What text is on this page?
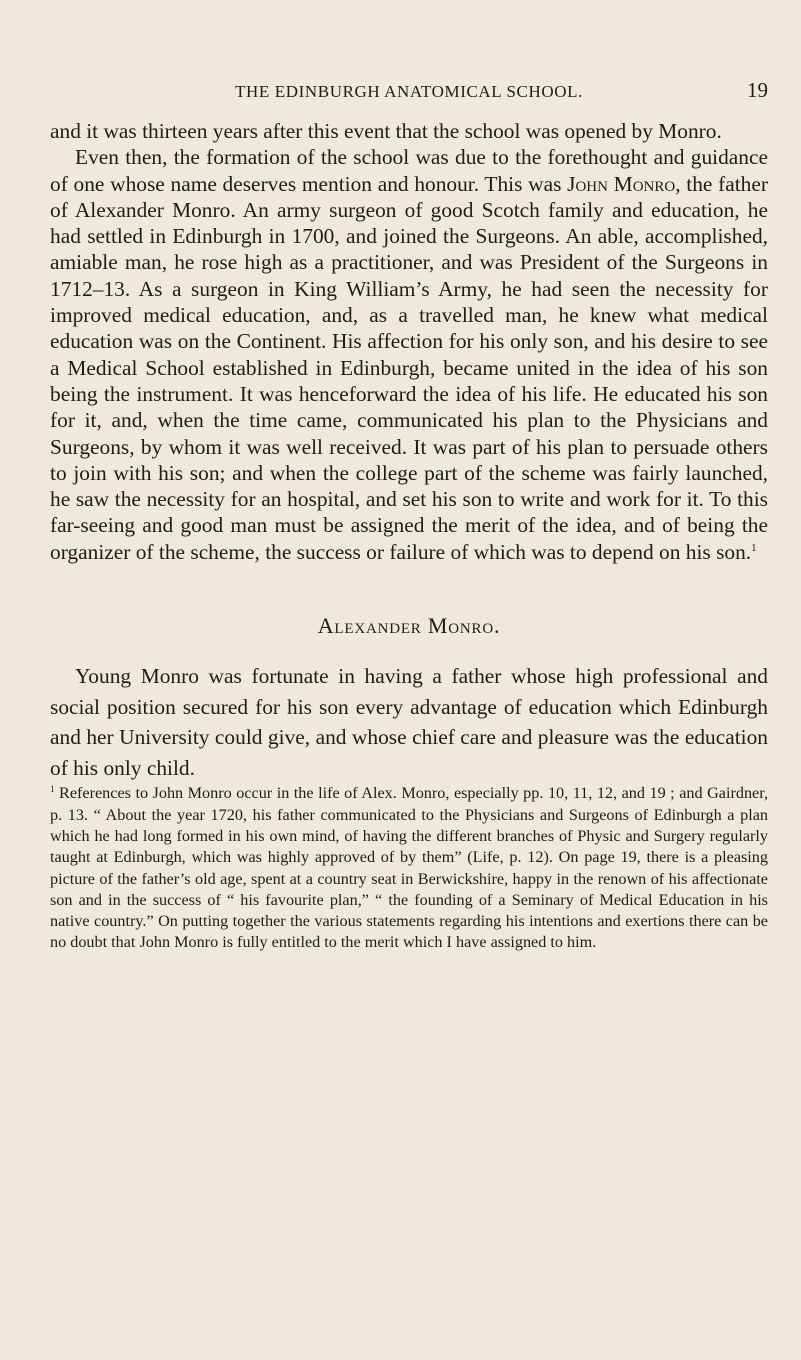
THE EDINBURGH ANATOMICAL SCHOOL.	19

and it was thirteen years after this event that the school was opened by Monro.

Even then, the formation of the school was due to the forethought and guidance of one whose name deserves mention and honour. This was John Monro, the father of Alexander Monro. An army surgeon of good Scotch family and education, he had settled in Edinburgh in 1700, and joined the Surgeons. An able, accomplished, amiable man, he rose high as a practitioner, and was President of the Surgeons in 1712–13. As a surgeon in King William’s Army, he had seen the necessity for improved medical education, and, as a travelled man, he knew what medical education was on the Continent. His affection for his only son, and his desire to see a Medical School established in Edinburgh, became united in the idea of his son being the instrument. It was henceforward the idea of his life. He educated his son for it, and, when the time came, communicated his plan to the Physicians and Surgeons, by whom it was well received. It was part of his plan to persuade others to join with his son; and when the college part of the scheme was fairly launched, he saw the necessity for an hospital, and set his son to write and work for it. To this far-seeing and good man must be assigned the merit of the idea, and of being the organizer of the scheme, the success or failure of which was to depend on his son.$^1$

Alexander Monro.

Young Monro was fortunate in having a father whose high professional and social position secured for his son every advantage of education which Edinburgh and her University could give, and whose chief care and pleasure was the education of his only child.

$^1$ References to John Monro occur in the life of Alex. Monro, especially pp. 10, 11, 12, and 19 ; and Gairdner, p. 13. “ About the year 1720, his father communicated to the Physicians and Surgeons of Edinburgh a plan which he had long formed in his own mind, of having the different branches of Physic and Surgery regularly taught at Edinburgh, which was highly approved of by them” (Life, p. 12). On page 19, there is a pleasing picture of the father’s old age, spent at a country seat in Berwickshire, happy in the renown of his affectionate son and in the success of “ his favourite plan,” “ the founding of a Seminary of Medical Education in his native country.” On putting together the various statements regarding his intentions and exertions there can be no doubt that John Monro is fully entitled to the merit which I have assigned to him.
